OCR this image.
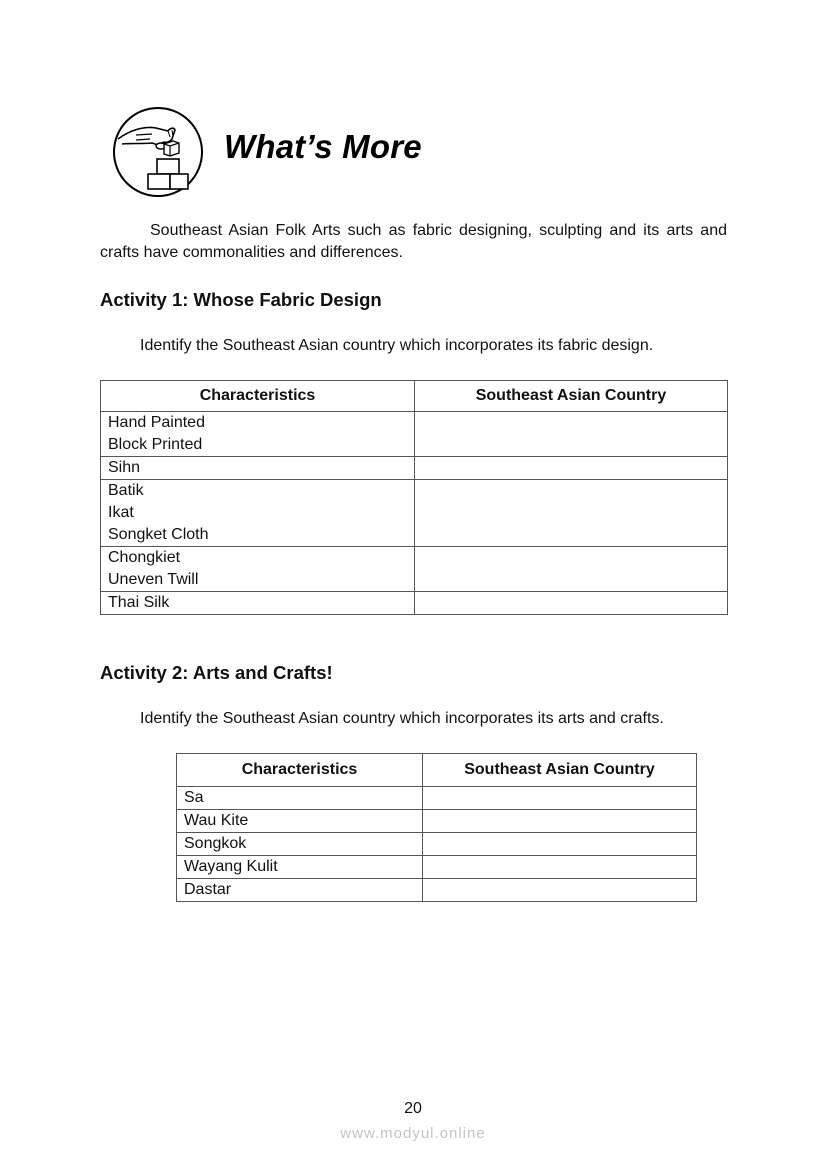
What’s More

Southeast Asian Folk Arts such as fabric designing, sculpting and its arts and crafts have commonalities and differences.

Activity 1: Whose Fabric Design

Identify the Southeast Asian country which incorporates its fabric design.

Characteristics	Southeast Asian Country

Hand Painted
Block Printed	

Sihn	

Batik
Ikat
Songket Cloth	

Chongkiet
Uneven Twill	

Thai Silk	

Activity 2: Arts and Crafts!

Identify the Southeast Asian country which incorporates its arts and crafts.

Characteristics	Southeast Asian Country

Sa	

Wau Kite	

Songkok	

Wayang Kulit	

Dastar	

20

www.modyul.online
